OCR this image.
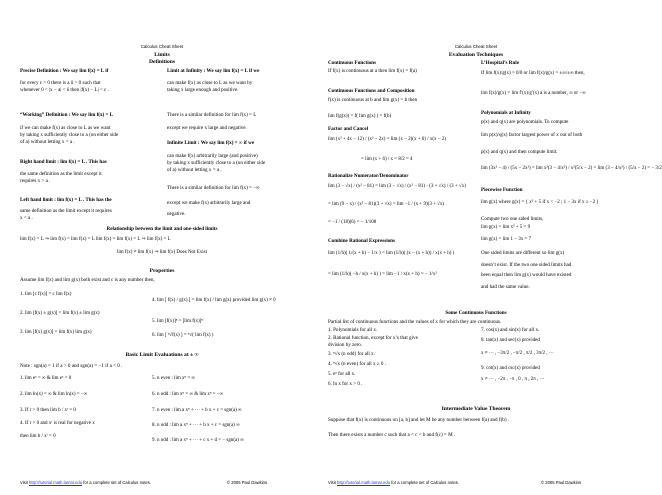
Calculus Cheat Sheet
Limits
Definitions
Precise Definition : We say lim f(x) = L if
for every ε > 0 there is a δ > 0 such that
whenever 0 < |x − a| < δ then |f(x) − L| < ε .
“Working” Definition : We say lim f(x) = L
if we can make f(x) as close to L as we want
by taking x sufficiently close to a (on either side
of a) without letting x = a .
Right hand limit : lim f(x) = L . This has
the same definition as the limit except it
requires x > a .
Left hand limit : lim f(x) = L . This has the
same definition as the limit except it requires
x < a .
Limit at Infinity : We say lim f(x) = L if we
can make f(x) as close to L as we want by
taking x large enough and positive.
There is a similar definition for lim f(x) = L
except we require x large and negative.
Infinite Limit : We say lim f(x) = ∞ if we
can make f(x) arbitrarily large (and positive)
by taking x sufficiently close to a (on either side
of a) without letting x = a .
There is a similar definition for lim f(x) = −∞
except we make f(x) arbitrarily large and
negative.
Relationship between the limit and one-sided limits
lim f(x) = L ⇒ lim f(x) = lim f(x) = L lim f(x) = lim f(x) = L ⇒ lim f(x) = L
lim f(x) ≠ lim f(x) ⇒ lim f(x) Does Not Exist
Properties
Assume lim f(x) and lim g(x) both exist and c is any number then,
1. lim [c f(x)] = c lim f(x)
2. lim [f(x) ± g(x)] = lim f(x) ± lim g(x)
3. lim [f(x) g(x)] = lim f(x) lim g(x)
4. lim [ f(x) / g(x) ] = lim f(x) / lim g(x) provided lim g(x) ≠ 0
5. lim [f(x)]ⁿ = [lim f(x)]ⁿ
6. lim [ ⁿ√f(x) ] = ⁿ√( lim f(x) )
Basic Limit Evaluations at ± ∞
Note : sgn(a) = 1 if a > 0 and sgn(a) = −1 if a < 0 .
1. lim eˣ = ∞ & lim eˣ = 0
2. lim ln(x) = ∞ & lim ln(x) = −∞
3. If r > 0 then lim b / xʳ = 0
4. If r > 0 and xʳ is real for negative x
then lim b / xʳ = 0
5. n even : lim xⁿ = ∞
6. n odd : lim xⁿ = ∞ & lim xⁿ = −∞
7. n even : lim a xⁿ + ··· + b x + c = sgn(a) ∞
8. n odd : lim a xⁿ + ··· + b x + c = sgn(a) ∞
9. n odd : lim a xⁿ + ··· + c x + d = − sgn(a) ∞
Visit http://tutorial.math.lamar.edu for a complete set of Calculus notes.	© 2005 Paul Dawkins
Calculus Cheat Sheet
Evaluation Techniques
Continuous Functions
If f(x) is continuous at a then lim f(x) = f(a)
Continuous Functions and Composition
f(x) is continuous at b and lim g(x) = b then
lim f(g(x)) = f( lim g(x) ) = f(b)
Factor and Cancel
lim (x² + 4x − 12) / (x² − 2x) = lim (x − 2)(x + 6) / x(x − 2)
= lim (x + 6) / x = 8/2 = 4
Rationalize Numerator/Denominator
lim (3 − √x) / (x² − 81) = lim (3 − √x) / (x² − 81) · (3 + √x) / (3 + √x)
= lim (9 − x) / (x² − 81)(3 + √x) = lim −1 / (x + 9)(3 + √x)
= −1 / (18)(6) = − 1/108
Combine Rational Expressions
lim (1/h)( 1/(x + h) − 1/x ) = lim (1/h)( (x − (x + h)) / x(x + h) )
= lim (1/h)( −h / x(x + h) ) = lim −1 / x(x + h) = − 1/x²
L’Hospital’s Rule
If lim f(x)/g(x) = 0/0 or lim f(x)/g(x) = ±∞/±∞ then,
lim f(x)/g(x) = lim f′(x)/g′(x) a is a number, ∞ or −∞
Polynomials at Infinity
p(x) and q(x) are polynomials. To compute
lim p(x)/q(x) factor largest power of x out of both
p(x) and q(x) and then compute limit.
lim (3x² − 4) / (5x − 2x²) = lim x²(3 − 4/x²) / x²(5/x − 2) = lim (3 − 4/x²) / (5/x − 2) = − 3/2
Piecewise Function
lim g(x) where g(x) = { x² + 5 if x < −2 ; 1 − 3x if x ≥ −2 }
Compute two one sided limits,
lim g(x) = lim x² + 5 = 9
lim g(x) = lim 1 − 3x = 7
One sided limits are different so lim g(x)
doesn’t exist. If the two one sided limits had
been equal then lim g(x) would have existed
and had the same value.
Some Continuous Functions
Partial list of continuous functions and the values of x for which they are continuous.
1. Polynomials for all x.
2. Rational function, except for x’s that give
division by zero.
3. ⁿ√x (n odd) for all x.
4. ⁿ√x (n even) for all x ≥ 0 .
5. eˣ for all x.
6. ln x for x > 0 .
7. cos(x) and sin(x) for all x.
8. tan(x) and sec(x) provided
x ≠ ··· , −3π/2 , −π/2 , π/2 , 3π/2 , ···
9. cot(x) and csc(x) provided
x ≠ ··· , −2π , −π , 0 , π , 2π , ···
Intermediate Value Theorem
Suppose that f(x) is continuous on [a, b] and let M be any number between f(a) and f(b) .
Then there exists a number c such that a < c < b and f(c) = M .
Visit http://tutorial.math.lamar.edu for a complete set of Calculus notes.	© 2005 Paul Dawkins
